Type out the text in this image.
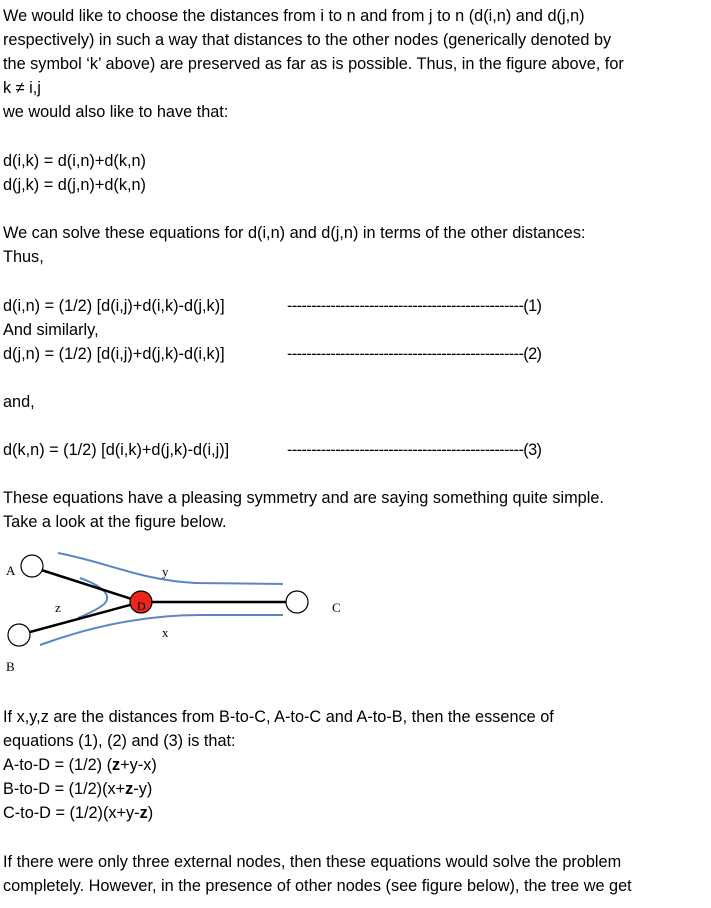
We would like to choose the distances from i to n and from j to n (d(i,n) and d(j,n)
respectively) in such a way that distances to the other nodes (generically denoted by
the symbol ‘k’ above) are preserved as far as is possible. Thus, in the figure above, for
k ≠ i,j
we would also like to have that:
d(i,k) = d(i,n)+d(k,n)
d(j,k) = d(j,n)+d(k,n)
We can solve these equations for d(i,n) and d(j,n) in terms of the other distances:
Thus,
d(i,n) = (1/2) [d(i,j)+d(i,k)-d(j,k)]	-------------------------------------------------(1)
And similarly,
d(j,n) = (1/2) [d(i,j)+d(j,k)-d(i,k)]	-------------------------------------------------(2)
and,
d(k,n) = (1/2) [d(i,k)+d(j,k)-d(i,j)]	-------------------------------------------------(3)
These equations have a pleasing symmetry and are saying something quite simple.
Take a look at the figure below.
A
B
C
D
y
x
z
If x,y,z are the distances from B-to-C, A-to-C and A-to-B, then the essence of
equations (1), (2) and (3) is that:
A-to-D = (1/2) (z+y-x)
B-to-D = (1/2)(x+z-y)
C-to-D = (1/2)(x+y-z)
If there were only three external nodes, then these equations would solve the problem
completely. However, in the presence of other nodes (see figure below), the tree we get
